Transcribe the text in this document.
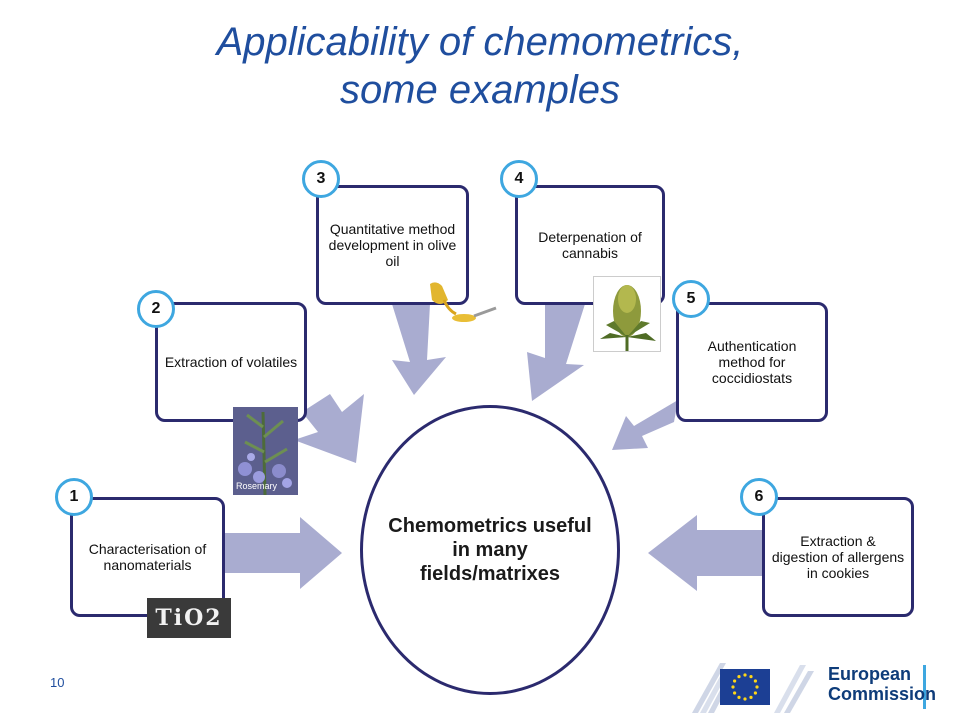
Applicability of chemometrics,
some examples
Characterisation of nanomaterials
1
TiO2
Extraction of volatiles
2
Rosemary
Quantitative method development in olive oil
3
Deterpenation of cannabis
4
Authentication method for coccidiostats
5
Extraction & digestion of allergens in cookies
6
Chemometrics useful in many fields/matrixes
10	European
Commission
